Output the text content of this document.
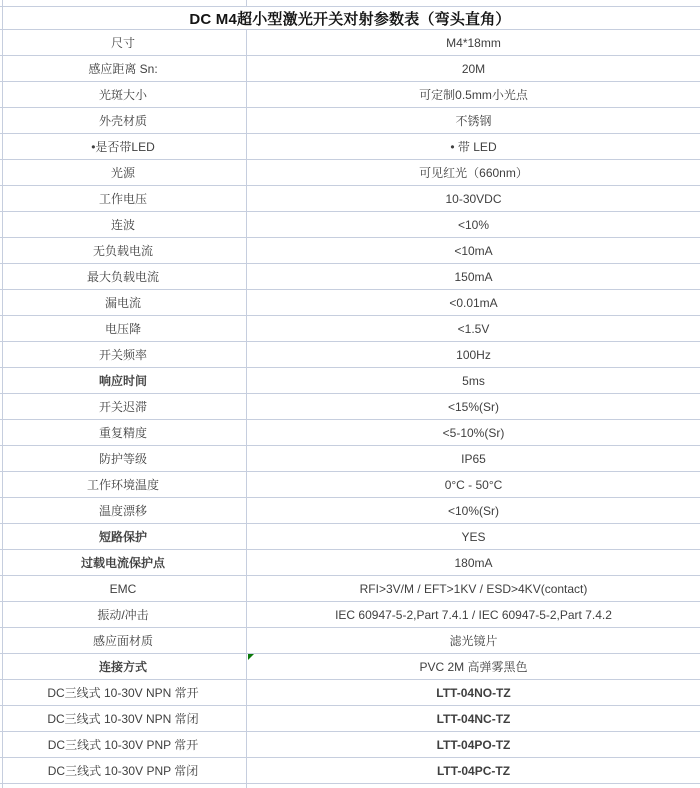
DC M4超小型激光开关对射参数表（弯头直角）
尺寸	M4*18mm
感应距离 Sn:	20M
光斑大小	可定制0.5mm小光点
外壳材质	不锈钢
•是否带LED	• 带 LED
光源	可见红光（660nm）
工作电压	10-30VDC
连波	<10%
无负载电流	<10mA
最大负载电流	150mA
漏电流	<0.01mA
电压降	<1.5V
开关频率	100Hz
响应时间	5ms
开关迟滞	<15%(Sr)
重复精度	<5-10%(Sr)
防护等级	IP65
工作环境温度	0°C - 50°C
温度漂移	<10%(Sr)
短路保护	YES
过载电流保护点	180mA
EMC	RFI>3V/M / EFT>1KV / ESD>4KV(contact)
振动/冲击	IEC 60947-5-2,Part 7.4.1 / IEC 60947-5-2,Part 7.4.2
感应面材质	滤光镜片
连接方式	PVC 2M 高弹雾黑色
DC三线式 10-30V NPN 常开	LTT-04NO-TZ
DC三线式 10-30V NPN 常闭	LTT-04NC-TZ
DC三线式 10-30V PNP 常开	LTT-04PO-TZ
DC三线式 10-30V PNP 常闭	LTT-04PC-TZ
